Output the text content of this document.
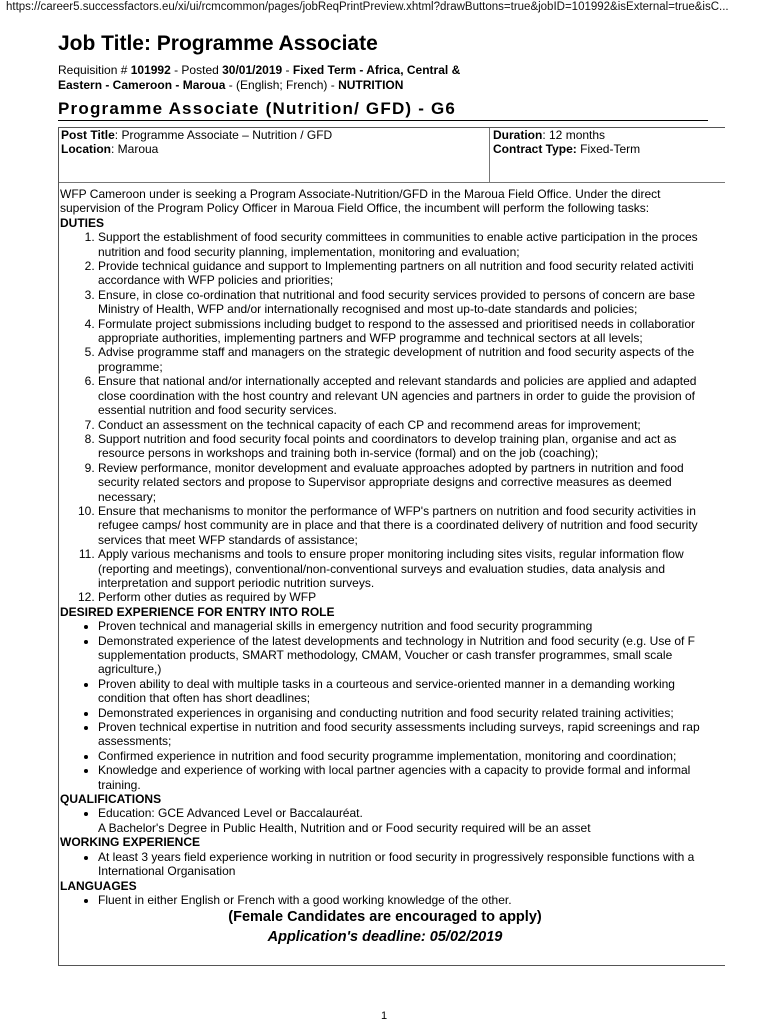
https://career5.successfactors.eu/xi/ui/rcmcommon/pages/jobReqPrintPreview.xhtml?drawButtons=true&jobID=101992&isExternal=true&isC...
Job Title: Programme Associate
Requisition # 101992 - Posted 30/01/2019 - Fixed Term - Africa, Central &
Eastern - Cameroon - Maroua - (English; French) - NUTRITION
Programme Associate (Nutrition/ GFD) - G6
Post Title: Programme Associate – Nutrition / GFD
Location: Maroua
Duration: 12 months
Contract Type: Fixed-Term
WFP Cameroon under is seeking a Program Associate-Nutrition/GFD in the Maroua Field Office. Under the direct
supervision of the Program Policy Officer in Maroua Field Office, the incumbent will perform the following tasks:
DUTIES
1. Support the establishment of food security committees in communities to enable active participation in the proces
nutrition and food security planning, implementation, monitoring and evaluation;
2. Provide technical guidance and support to Implementing partners on all nutrition and food security related activiti
accordance with WFP policies and priorities;
3. Ensure, in close co-ordination that nutritional and food security services provided to persons of concern are base
Ministry of Health, WFP and/or internationally recognised and most up-to-date standards and policies;
4. Formulate project submissions including budget to respond to the assessed and prioritised needs in collaboratior
appropriate authorities, implementing partners and WFP programme and technical sectors at all levels;
5. Advise programme staff and managers on the strategic development of nutrition and food security aspects of the
programme;
6. Ensure that national and/or internationally accepted and relevant standards and policies are applied and adapted
close coordination with the host country and relevant UN agencies and partners in order to guide the provision of
essential nutrition and food security services.
7. Conduct an assessment on the technical capacity of each CP and recommend areas for improvement;
8. Support nutrition and food security focal points and coordinators to develop training plan, organise and act as
resource persons in workshops and training both in-service (formal) and on the job (coaching);
9. Review performance, monitor development and evaluate approaches adopted by partners in nutrition and food
security related sectors and propose to Supervisor appropriate designs and corrective measures as deemed
necessary;
10. Ensure that mechanisms to monitor the performance of WFP's partners on nutrition and food security activities in
refugee camps/ host community are in place and that there is a coordinated delivery of nutrition and food security
services that meet WFP standards of assistance;
11. Apply various mechanisms and tools to ensure proper monitoring including sites visits, regular information flow
(reporting and meetings), conventional/non-conventional surveys and evaluation studies, data analysis and
interpretation and support periodic nutrition surveys.
12. Perform other duties as required by WFP
DESIRED EXPERIENCE FOR ENTRY INTO ROLE
• Proven technical and managerial skills in emergency nutrition and food security programming
• Demonstrated experience of the latest developments and technology in Nutrition and food security (e.g. Use of F
supplementation products, SMART methodology, CMAM, Voucher or cash transfer programmes, small scale
agriculture,)
• Proven ability to deal with multiple tasks in a courteous and service-oriented manner in a demanding working
condition that often has short deadlines;
• Demonstrated experiences in organising and conducting nutrition and food security related training activities;
• Proven technical expertise in nutrition and food security assessments including surveys, rapid screenings and rap
assessments;
• Confirmed experience in nutrition and food security programme implementation, monitoring and coordination;
• Knowledge and experience of working with local partner agencies with a capacity to provide formal and informal
training.
QUALIFICATIONS
• Education: GCE Advanced Level or Baccalauréat.
A Bachelor's Degree in Public Health, Nutrition and or Food security required will be an asset
WORKING EXPERIENCE
• At least 3 years field experience working in nutrition or food security in progressively responsible functions with a
International Organisation
LANGUAGES
• Fluent in either English or French with a good working knowledge of the other.
(Female Candidates are encouraged to apply)
Application's deadline: 05/02/2019
1
